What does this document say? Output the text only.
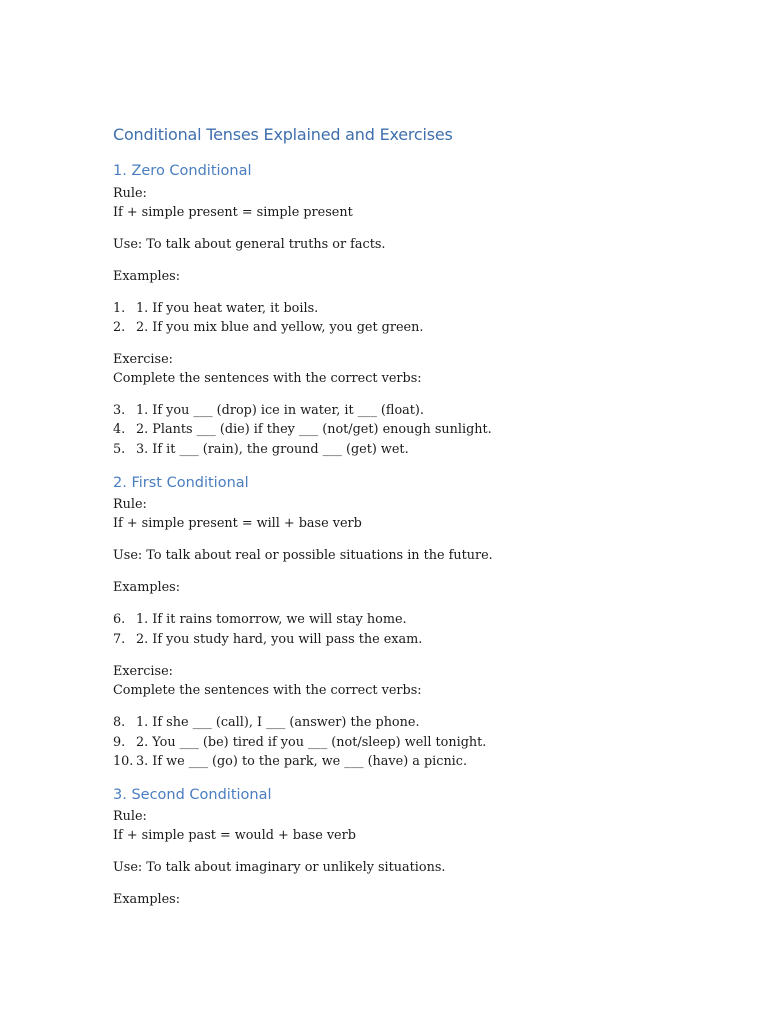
Conditional Tenses Explained and Exercises
1. Zero Conditional

Rule:

If + simple present = simple present

Use: To talk about general truths or facts.

Examples:

1. 1. If you heat water, it boils.

2. 2. If you mix blue and yellow, you get green.

Exercise:

Complete the sentences with the correct verbs:

3. 1. If you ___ (drop) ice in water, it ___ (float).

4. 2. Plants ___ (die) if they ___ (not/get) enough sunlight.

5. 3. If it ___ (rain), the ground ___ (get) wet.

2. First Conditional

Rule:

If + simple present = will + base verb

Use: To talk about real or possible situations in the future.

Examples:

6. 1. If it rains tomorrow, we will stay home.

7. 2. If you study hard, you will pass the exam.

Exercise:

Complete the sentences with the correct verbs:

8. 1. If she ___ (call), I ___ (answer) the phone.

9. 2. You ___ (be) tired if you ___ (not/sleep) well tonight.

10. 3. If we ___ (go) to the park, we ___ (have) a picnic.

3. Second Conditional

Rule:

If + simple past = would + base verb

Use: To talk about imaginary or unlikely situations.

Examples:
